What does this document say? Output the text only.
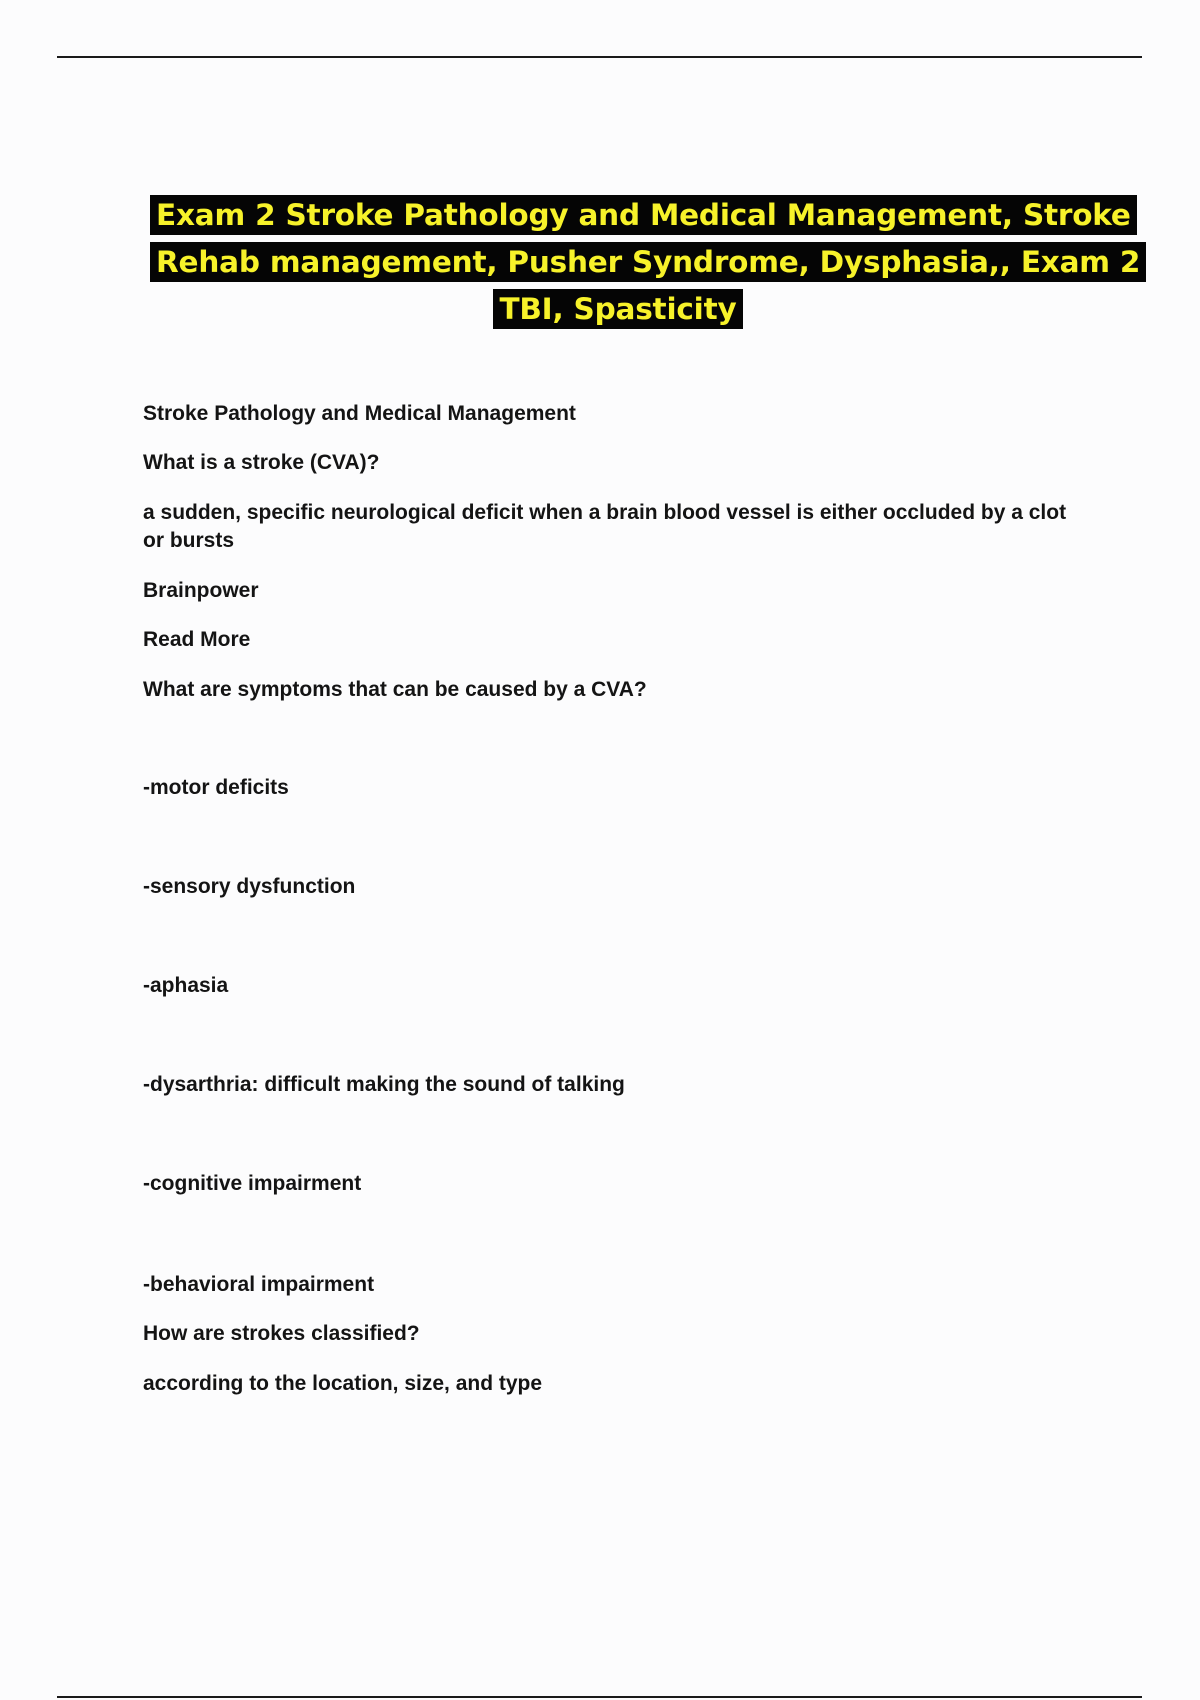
Exam 2 Stroke Pathology and Medical Management, Stroke
Rehab management, Pusher Syndrome, Dysphasia,, Exam 2
TBI, Spasticity

Stroke Pathology and Medical Management

What is a stroke (CVA)?

a sudden, specific neurological deficit when a brain blood vessel is either occluded by a clot or bursts

Brainpower

Read More

What are symptoms that can be caused by a CVA?

-motor deficits

-sensory dysfunction

-aphasia

-dysarthria: difficult making the sound of talking

-cognitive impairment

-behavioral impairment

How are strokes classified?

according to the location, size, and type
